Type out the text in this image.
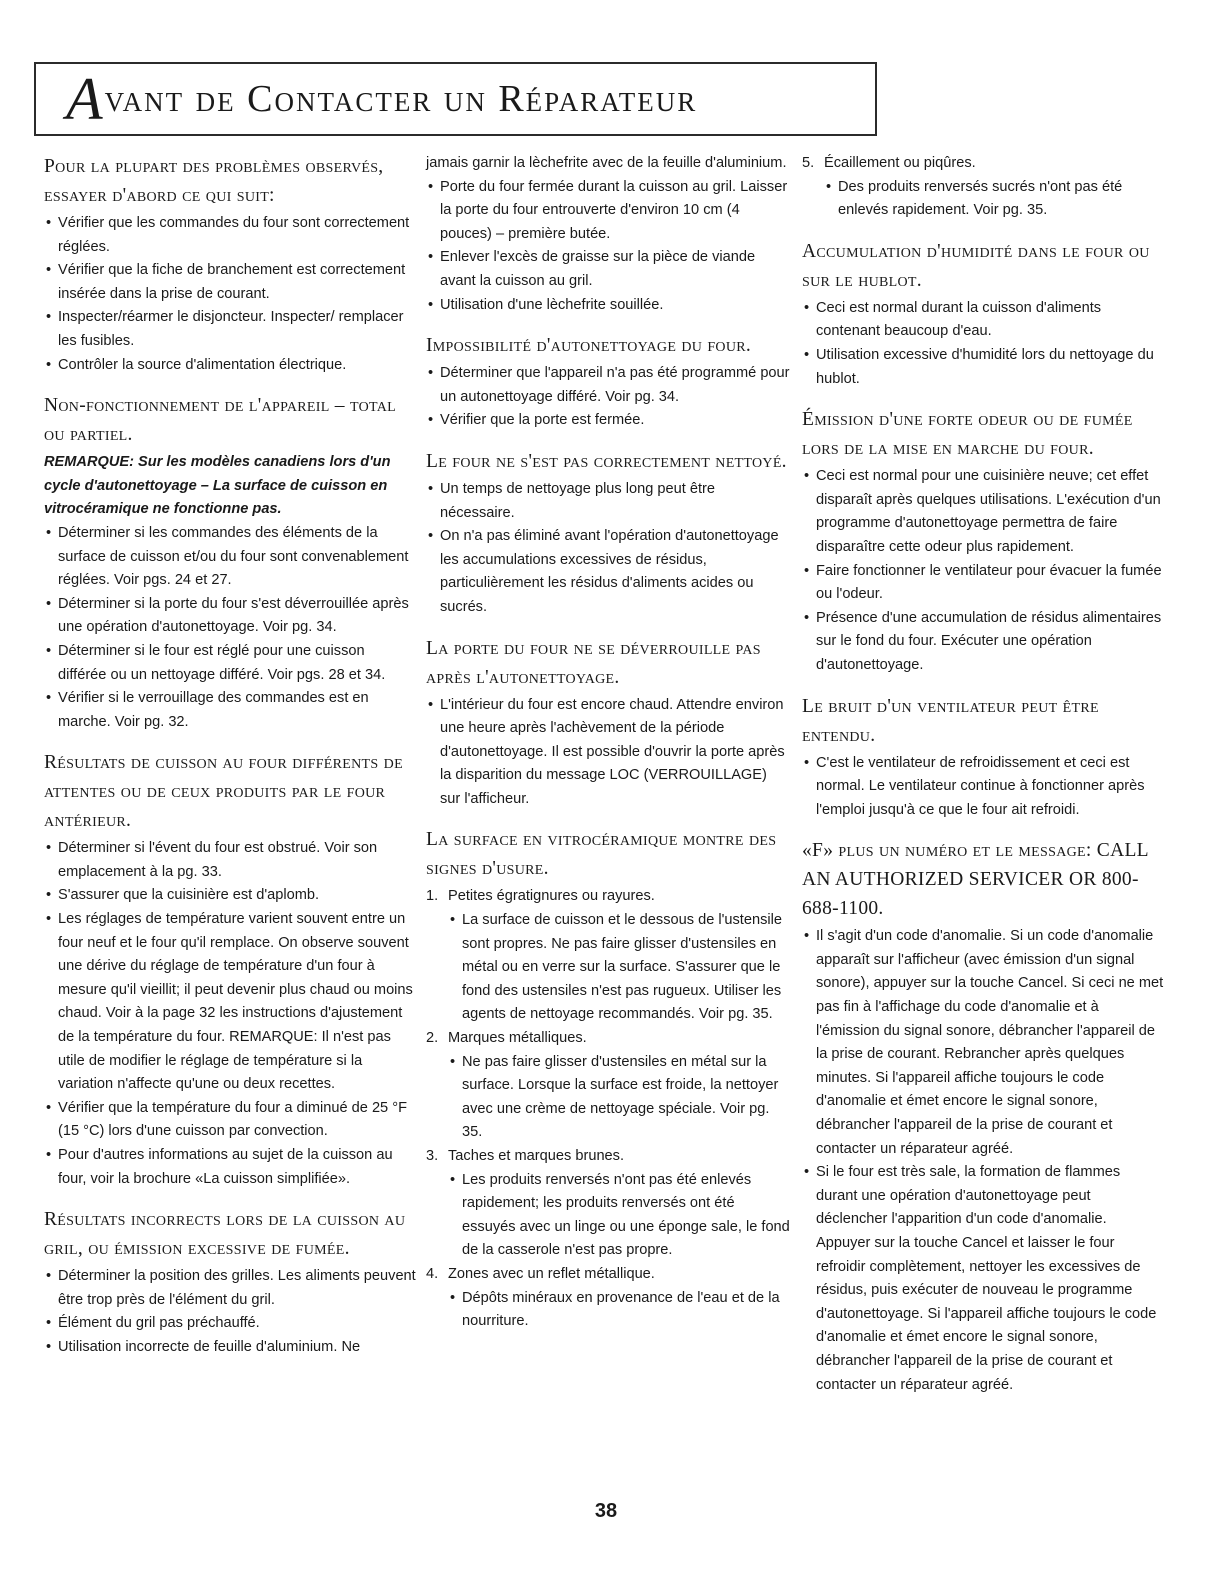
A vant de Contacter un Réparateur
Pour la plupart des problèmes observés, essayer d'abord ce qui suit:
• Vérifier que les commandes du four sont correctement réglées.
• Vérifier que la fiche de branchement est correctement insérée dans la prise de courant.
• Inspecter/réarmer le disjoncteur. Inspecter/ remplacer les fusibles.
• Contrôler la source d'alimentation électrique.
Non-fonctionnement de l'appareil – total ou partiel.

REMARQUE: Sur les modèles canadiens lors d'un cycle d'autonettoyage – La surface de cuisson en vitrocéramique ne fonctionne pas.

• Déterminer si les commandes des éléments de la surface de cuisson et/ou du four sont convenablement réglées. Voir pgs. 24 et 27.
• Déterminer si la porte du four s'est déverrouillée après une opération d'autonettoyage. Voir pg. 34.
• Déterminer si le four est réglé pour une cuisson différée ou un nettoyage différé. Voir pgs. 28 et 34.
• Vérifier si le verrouillage des commandes est en marche. Voir pg. 32.
Résultats de cuisson au four différents de attentes ou de ceux produits par le four antérieur.
• Déterminer si l'évent du four est obstrué. Voir son emplacement à la pg. 33.
• S'assurer que la cuisinière est d'aplomb.
• Les réglages de température varient souvent entre un four neuf et le four qu'il remplace. On observe souvent une dérive du réglage de température d'un four à mesure qu'il vieillit; il peut devenir plus chaud ou moins chaud. Voir à la page 32 les instructions d'ajustement de la température du four. REMARQUE: Il n'est pas utile de modifier le réglage de température si la variation n'affecte qu'une ou deux recettes.
• Vérifier que la température du four a diminué de 25 °F (15 °C) lors d'une cuisson par convection.
• Pour d'autres informations au sujet de la cuisson au four, voir la brochure «La cuisson simplifiée».
Résultats incorrects lors de la cuisson au gril, ou émission excessive de fumée.
• Déterminer la position des grilles. Les aliments peuvent être trop près de l'élément du gril.
• Élément du gril pas préchauffé.
• Utilisation incorrecte de feuille d'aluminium. Ne

jamais garnir la lèchefrite avec de la feuille d'aluminium.

• Porte du four fermée durant la cuisson au gril. Laisser la porte du four entrouverte d'environ 10 cm (4 pouces) – première butée.
• Enlever l'excès de graisse sur la pièce de viande avant la cuisson au gril.
• Utilisation d'une lèchefrite souillée.
Impossibilité d'autonettoyage du four.
• Déterminer que l'appareil n'a pas été programmé pour un autonettoyage différé. Voir pg. 34.
• Vérifier que la porte est fermée.
Le four ne s'est pas correctement nettoyé.
• Un temps de nettoyage plus long peut être nécessaire.
• On n'a pas éliminé avant l'opération d'autonettoyage les accumulations excessives de résidus, particulièrement les résidus d'aliments acides ou sucrés.
La porte du four ne se déverrouille pas après l'autonettoyage.
• L'intérieur du four est encore chaud. Attendre environ une heure après l'achèvement de la période d'autonettoyage. Il est possible d'ouvrir la porte après la disparition du message LOC (VERROUILLAGE) sur l'afficheur.
La surface en vitrocéramique montre des signes d'usure.
1. Petites égratignures ou rayures.
• La surface de cuisson et le dessous de l'ustensile sont propres. Ne pas faire glisser d'ustensiles en métal ou en verre sur la surface. S'assurer que le fond des ustensiles n'est pas rugueux. Utiliser les agents de nettoyage recommandés. Voir pg. 35.
2. Marques métalliques.
• Ne pas faire glisser d'ustensiles en métal sur la surface. Lorsque la surface est froide, la nettoyer avec une crème de nettoyage spéciale. Voir pg. 35.
3. Taches et marques brunes.
• Les produits renversés n'ont pas été enlevés rapidement; les produits renversés ont été essuyés avec un linge ou une éponge sale, le fond de la casserole n'est pas propre.
4. Zones avec un reflet métallique.
• Dépôts minéraux en provenance de l'eau et de la nourriture.
5. Écaillement ou piqûres.
• Des produits renversés sucrés n'ont pas été enlevés rapidement. Voir pg. 35.
Accumulation d'humidité dans le four ou sur le hublot.
• Ceci est normal durant la cuisson d'aliments contenant beaucoup d'eau.
• Utilisation excessive d'humidité lors du nettoyage du hublot.
Émission d'une forte odeur ou de fumée lors de la mise en marche du four.
• Ceci est normal pour une cuisinière neuve; cet effet disparaît après quelques utilisations. L'exécution d'un programme d'autonettoyage permettra de faire disparaître cette odeur plus rapidement.
• Faire fonctionner le ventilateur pour évacuer la fumée ou l'odeur.
• Présence d'une accumulation de résidus alimentaires sur le fond du four. Exécuter une opération d'autonettoyage.
Le bruit d'un ventilateur peut être entendu.
• C'est le ventilateur de refroidissement et ceci est normal. Le ventilateur continue à fonctionner après l'emploi jusqu'à ce que le four ait refroidi.
«F» plus un numéro et le message: CALL AN AUTHORIZED SERVICER OR 800-688-1100.
• Il s'agit d'un code d'anomalie. Si un code d'anomalie apparaît sur l'afficheur (avec émission d'un signal sonore), appuyer sur la touche Cancel. Si ceci ne met pas fin à l'affichage du code d'anomalie et à l'émission du signal sonore, débrancher l'appareil de la prise de courant. Rebrancher après quelques minutes. Si l'appareil affiche toujours le code d'anomalie et émet encore le signal sonore, débrancher l'appareil de la prise de courant et contacter un réparateur agréé.
• Si le four est très sale, la formation de flammes durant une opération d'autonettoyage peut déclencher l'apparition d'un code d'anomalie. Appuyer sur la touche Cancel et laisser le four refroidir complètement, nettoyer les excessives de résidus, puis exécuter de nouveau le programme d'autonettoyage. Si l'appareil affiche toujours le code d'anomalie et émet encore le signal sonore, débrancher l'appareil de la prise de courant et contacter un réparateur agréé.
38
